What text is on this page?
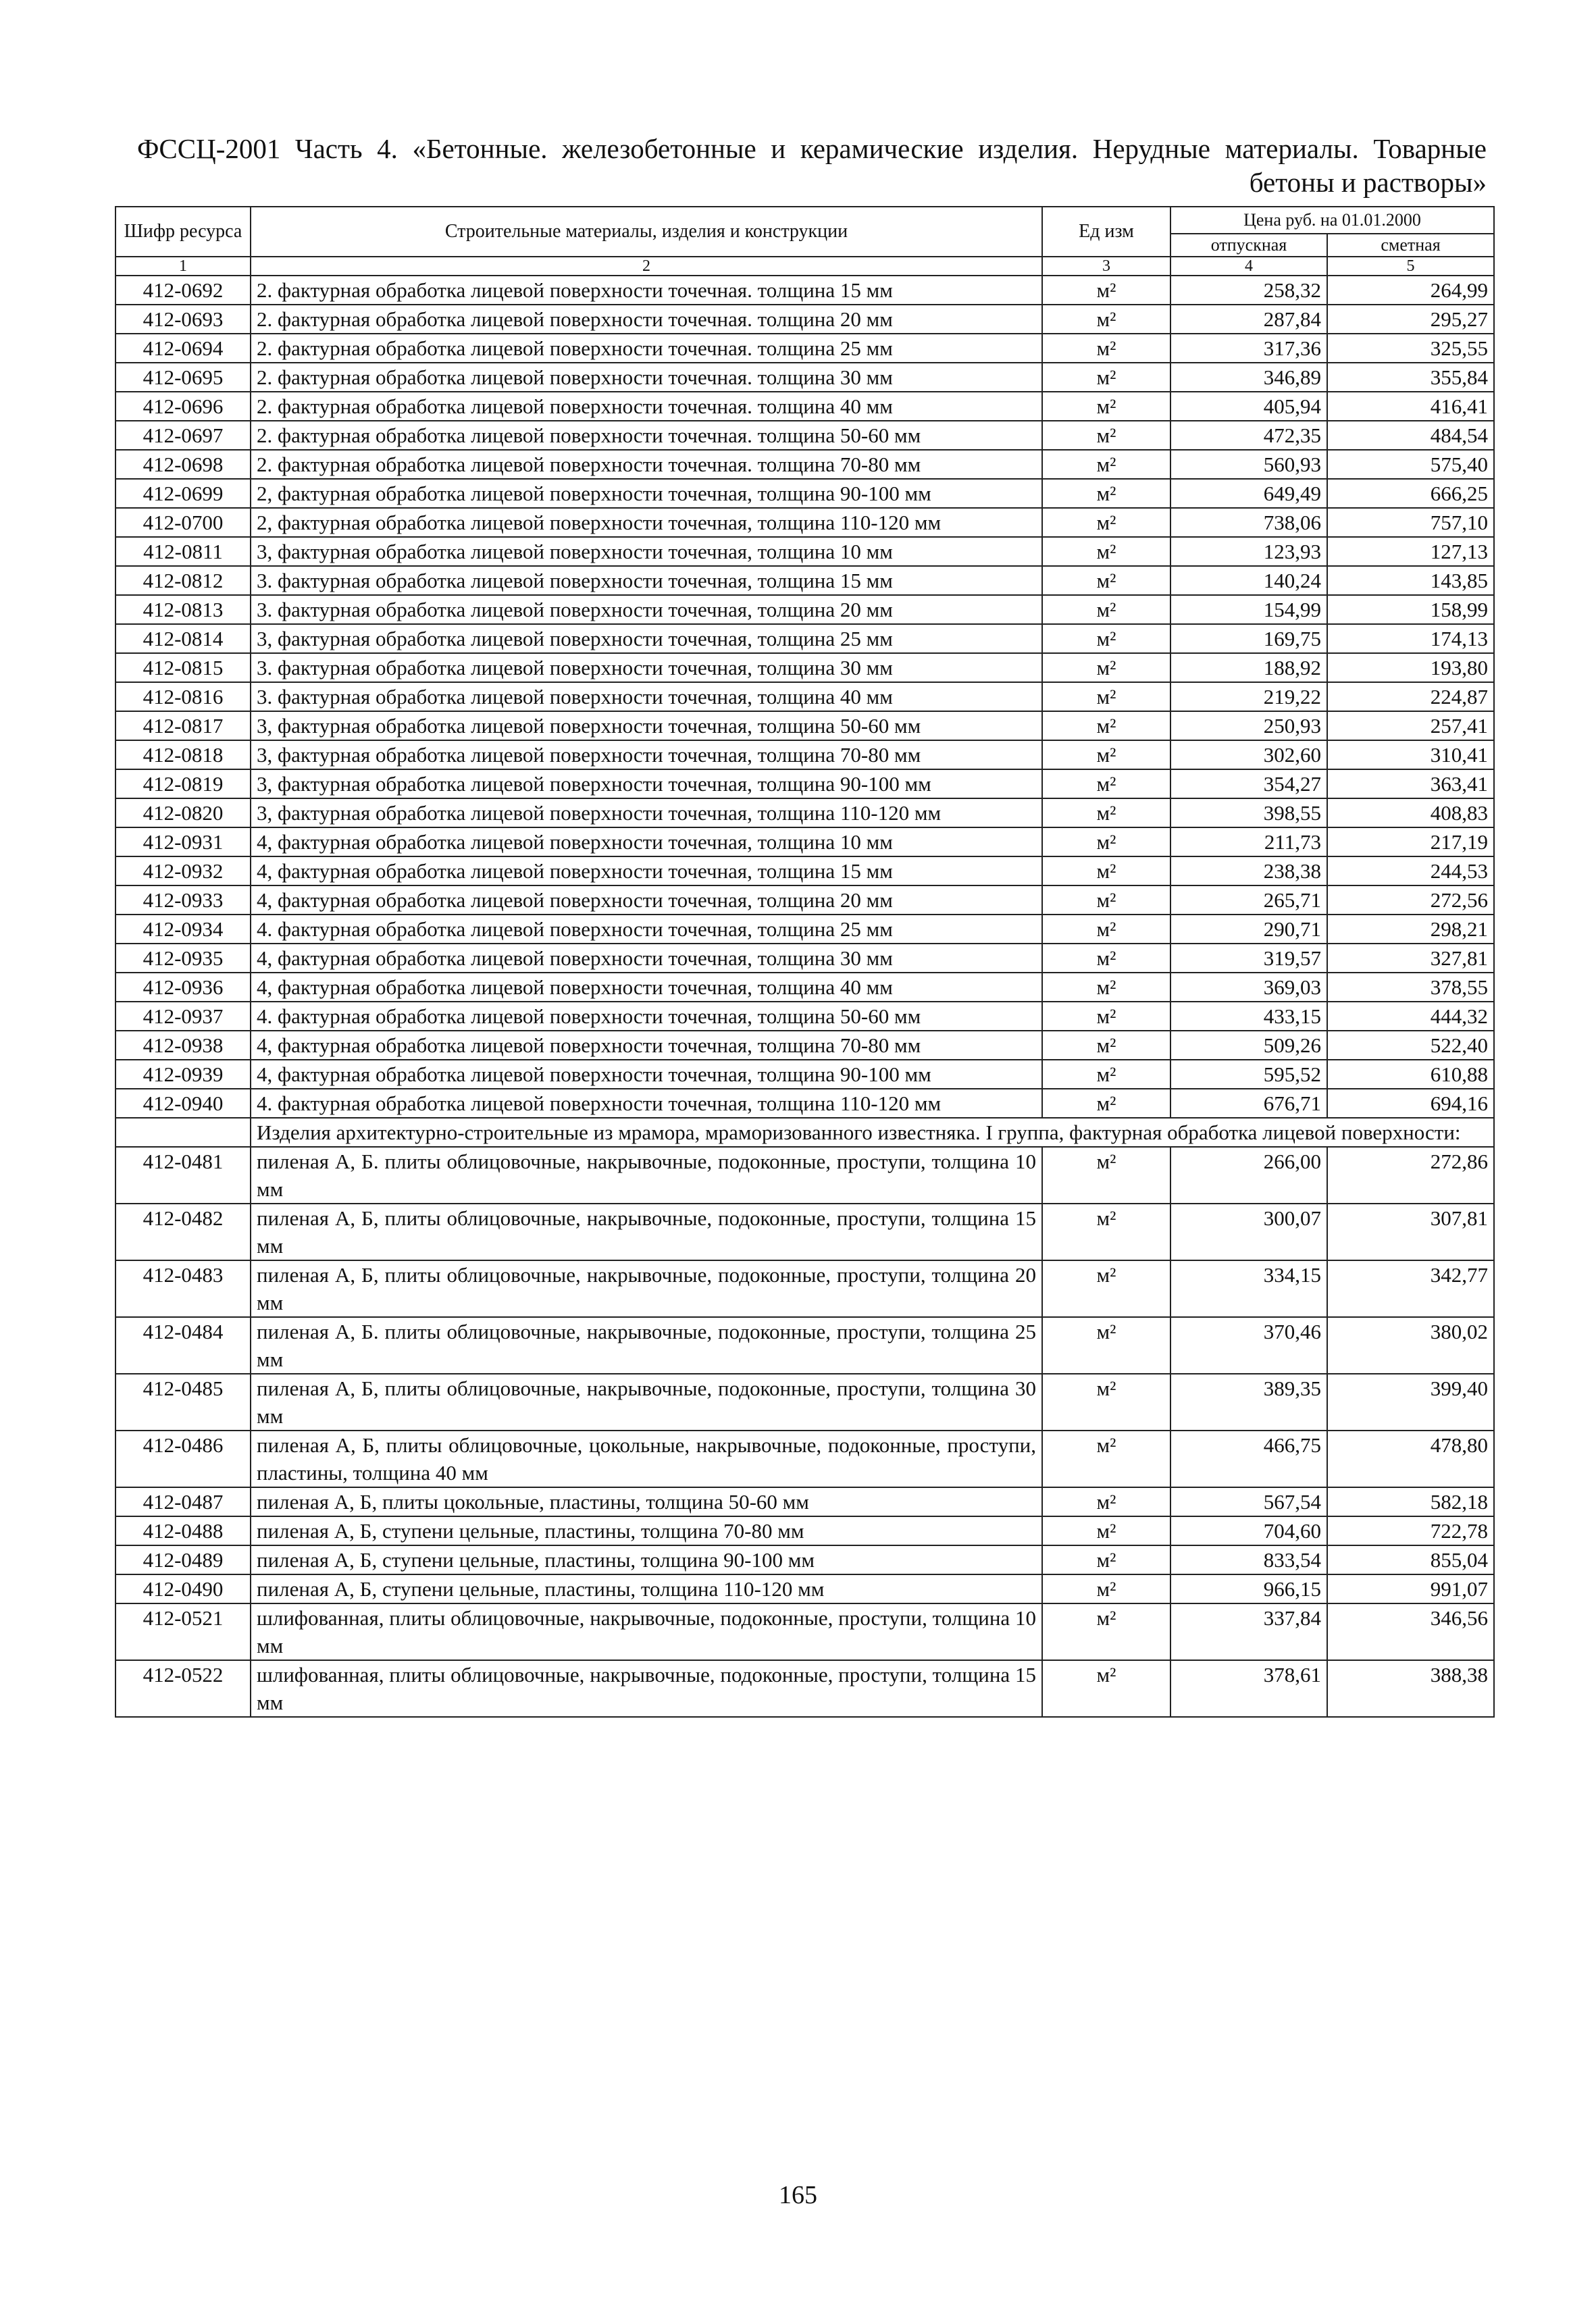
ФССЦ-2001 Часть 4. «Бетонные. железобетонные и керамические изделия. Нерудные материалы. Товарные бетоны и растворы»
Шифр ресурса	Строительные материалы, изделия и конструкции	Ед изм	Цена руб. на 01.01.2000	
			отпускная	сметная
1	2	3	4	5
412-0692	2. фактурная обработка лицевой поверхности точечная. толщина 15 мм	м²	258,32	264,99
412-0693	2. фактурная обработка лицевой поверхности точечная. толщина 20 мм	м²	287,84	295,27
412-0694	2. фактурная обработка лицевой поверхности точечная. толщина 25 мм	м²	317,36	325,55
412-0695	2. фактурная обработка лицевой поверхности точечная. толщина 30 мм	м²	346,89	355,84
412-0696	2. фактурная обработка лицевой поверхности точечная. толщина 40 мм	м²	405,94	416,41
412-0697	2. фактурная обработка лицевой поверхности точечная. толщина 50-60 мм	м²	472,35	484,54
412-0698	2. фактурная обработка лицевой поверхности точечная. толщина 70-80 мм	м²	560,93	575,40
412-0699	2, фактурная обработка лицевой поверхности точечная, толщина 90-100 мм	м²	649,49	666,25
412-0700	2, фактурная обработка лицевой поверхности точечная, толщина 110-120 мм	м²	738,06	757,10
412-0811	3, фактурная обработка лицевой поверхности точечная, толщина 10 мм	м²	123,93	127,13
412-0812	3. фактурная обработка лицевой поверхности точечная, толщина 15 мм	м²	140,24	143,85
412-0813	3. фактурная обработка лицевой поверхности точечная, толщина 20 мм	м²	154,99	158,99
412-0814	3, фактурная обработка лицевой поверхности точечная, толщина 25 мм	м²	169,75	174,13
412-0815	3. фактурная обработка лицевой поверхности точечная, толщина 30 мм	м²	188,92	193,80
412-0816	3. фактурная обработка лицевой поверхности точечная, толщина 40 мм	м²	219,22	224,87
412-0817	3, фактурная обработка лицевой поверхности точечная, толщина 50-60 мм	м²	250,93	257,41
412-0818	3, фактурная обработка лицевой поверхности точечная, толщина 70-80 мм	м²	302,60	310,41
412-0819	3, фактурная обработка лицевой поверхности точечная, толщина 90-100 мм	м²	354,27	363,41
412-0820	3, фактурная обработка лицевой поверхности точечная, толщина 110-120 мм	м²	398,55	408,83
412-0931	4, фактурная обработка лицевой поверхности точечная, толщина 10 мм	м²	211,73	217,19
412-0932	4, фактурная обработка лицевой поверхности точечная, толщина 15 мм	м²	238,38	244,53
412-0933	4, фактурная обработка лицевой поверхности точечная, толщина 20 мм	м²	265,71	272,56
412-0934	4. фактурная обработка лицевой поверхности точечная, толщина 25 мм	м²	290,71	298,21
412-0935	4, фактурная обработка лицевой поверхности точечная, толщина 30 мм	м²	319,57	327,81
412-0936	4, фактурная обработка лицевой поверхности точечная, толщина 40 мм	м²	369,03	378,55
412-0937	4. фактурная обработка лицевой поверхности точечная, толщина 50-60 мм	м²	433,15	444,32
412-0938	4, фактурная обработка лицевой поверхности точечная, толщина 70-80 мм	м²	509,26	522,40
412-0939	4, фактурная обработка лицевой поверхности точечная, толщина 90-100 мм	м²	595,52	610,88
412-0940	4. фактурная обработка лицевой поверхности точечная, толщина 110-120 мм	м²	676,71	694,16
	Изделия архитектурно-строительные из мрамора, мраморизованного известняка. I группа, фактурная обработка лицевой поверхности:			
412-0481	пиленая А, Б. плиты облицовочные, накрывочные, подоконные, проступи, толщина 10 мм	м²	266,00	272,86
412-0482	пиленая А, Б, плиты облицовочные, накрывочные, подоконные, проступи, толщина 15 мм	м²	300,07	307,81
412-0483	пиленая А, Б, плиты облицовочные, накрывочные, подоконные, проступи, толщина 20 мм	м²	334,15	342,77
412-0484	пиленая А, Б. плиты облицовочные, накрывочные, подоконные, проступи, толщина 25 мм	м²	370,46	380,02
412-0485	пиленая А, Б, плиты облицовочные, накрывочные, подоконные, проступи, толщина 30 мм	м²	389,35	399,40
412-0486	пиленая А, Б, плиты облицовочные, цокольные, накрывочные, подоконные, проступи, пластины, толщина 40 мм	м²	466,75	478,80
412-0487	пиленая А, Б, плиты цокольные, пластины, толщина 50-60 мм	м²	567,54	582,18
412-0488	пиленая А, Б, ступени цельные, пластины, толщина 70-80 мм	м²	704,60	722,78
412-0489	пиленая А, Б, ступени цельные, пластины, толщина 90-100 мм	м²	833,54	855,04
412-0490	пиленая А, Б, ступени цельные, пластины, толщина 110-120 мм	м²	966,15	991,07
412-0521	шлифованная, плиты облицовочные, накрывочные, подоконные, проступи, толщина 10 мм	м²	337,84	346,56
412-0522	шлифованная, плиты облицовочные, накрывочные, подоконные, проступи, толщина 15 мм	м²	378,61	388,38
165
